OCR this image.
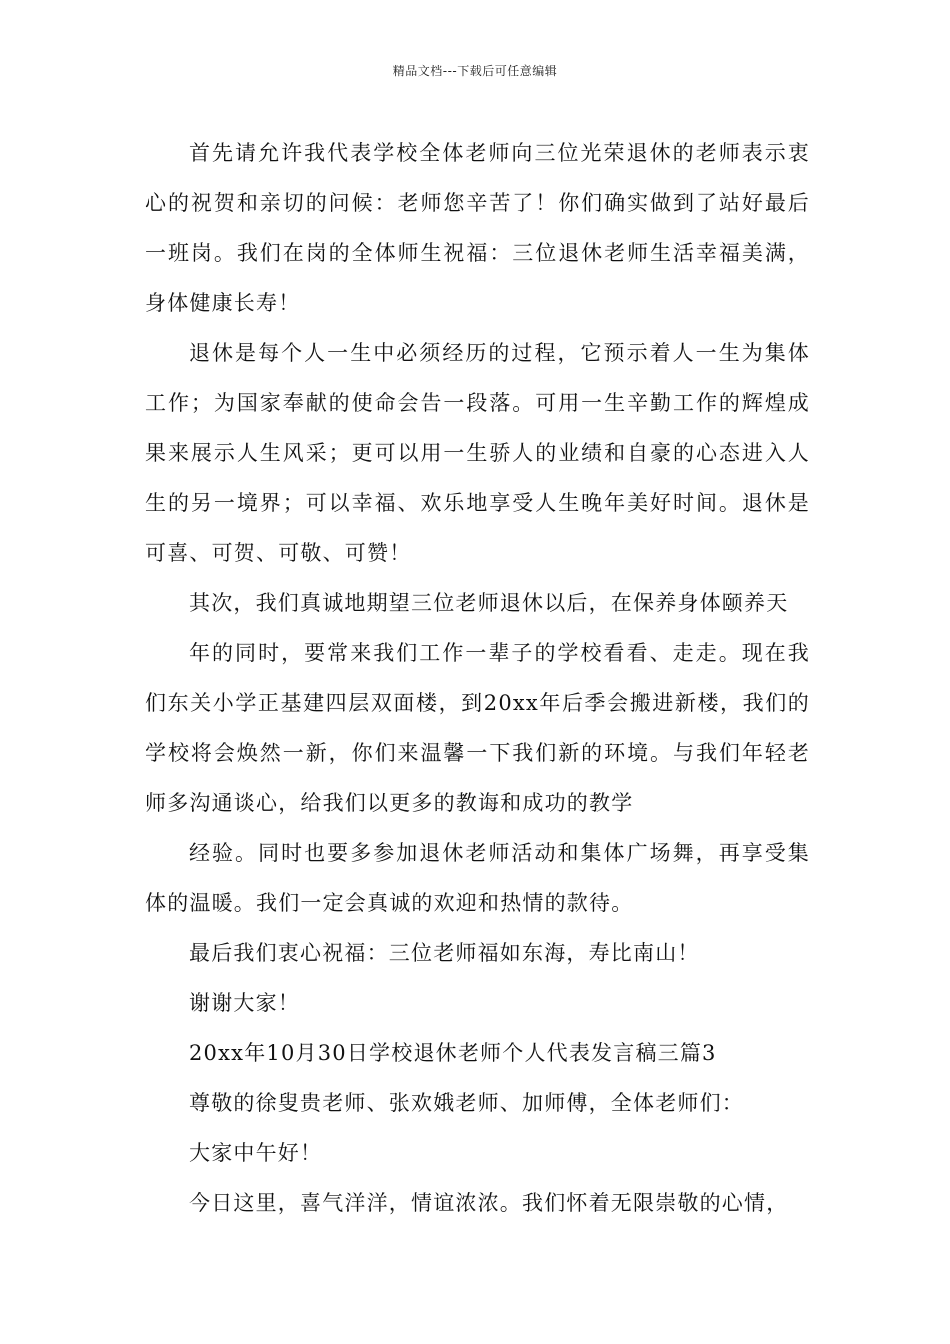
精品文档---下载后可任意编辑

首先请允许我代表学校全体老师向三位光荣退休的老师表示衷心的祝贺和亲切的问候：老师您辛苦了！你们确实做到了站好最后一班岗。我们在岗的全体师生祝福：三位退休老师生活幸福美满，身体健康长寿！

退休是每个人一生中必须经历的过程，它预示着人一生为集体工作；为国家奉献的使命会告一段落。可用一生辛勤工作的辉煌成果来展示人生风采；更可以用一生骄人的业绩和自豪的心态进入人生的另一境界；可以幸福、欢乐地享受人生晚年美好时间。退休是可喜、可贺、可敬、可赞！

其次，我们真诚地期望三位老师退休以后，在保养身体颐养天

年的同时，要常来我们工作一辈子的学校看看、走走。现在我们东关小学正基建四层双面楼，到20xx年后季会搬进新楼，我们的学校将会焕然一新，你们来温馨一下我们新的环境。与我们年轻老师多沟通谈心，给我们以更多的教诲和成功的教学

经验。同时也要多参加退休老师活动和集体广场舞，再享受集体的温暖。我们一定会真诚的欢迎和热情的款待。

最后我们衷心祝福：三位老师福如东海，寿比南山！

谢谢大家！

20xx年10月30日学校退休老师个人代表发言稿三篇3

尊敬的徐叟贵老师、张欢娥老师、加师傅，全体老师们：

大家中午好！

今日这里，喜气洋洋，情谊浓浓。我们怀着无限崇敬的心情，
